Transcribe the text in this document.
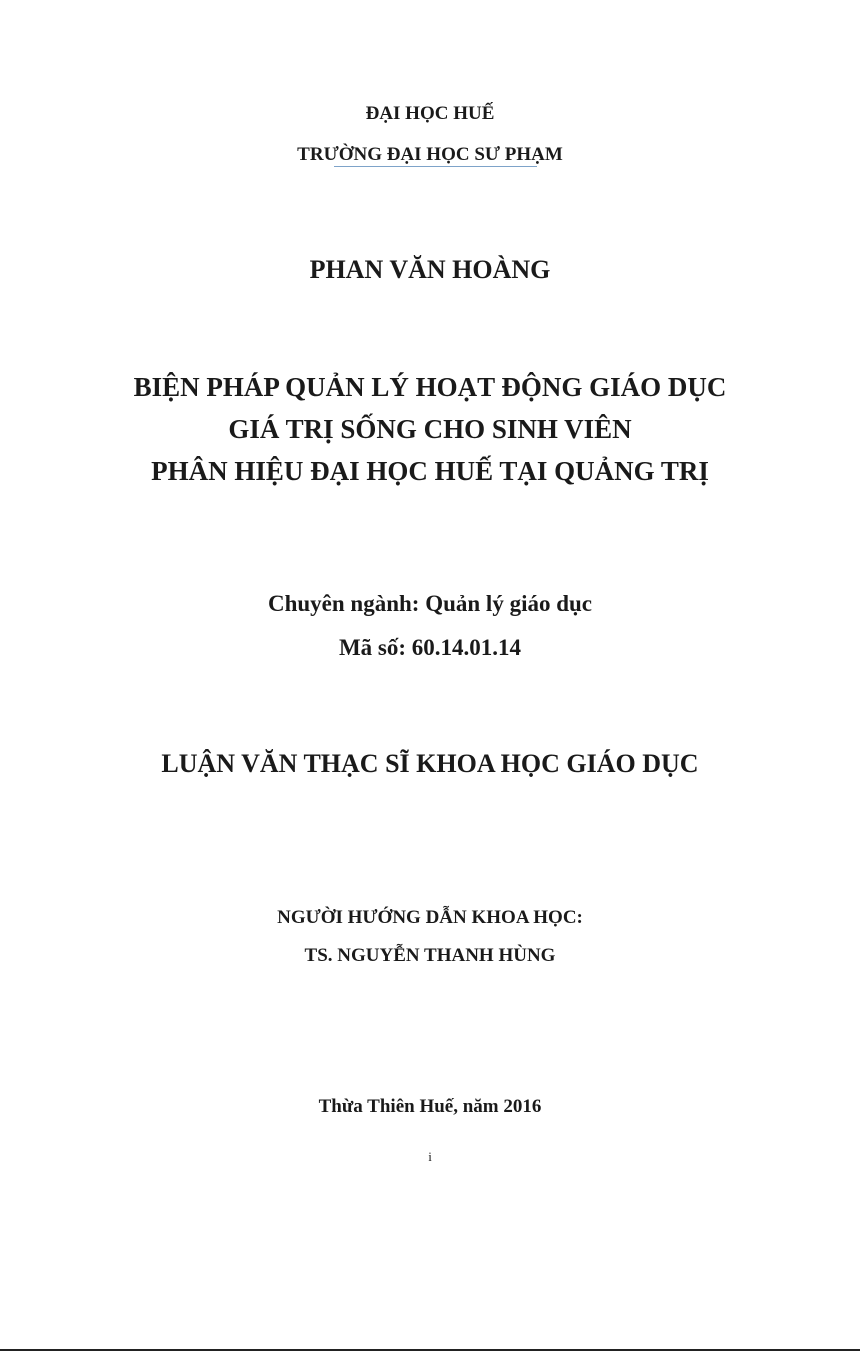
ĐẠI HỌC HUẾ
TRƯỜNG ĐẠI HỌC SƯ PHẠM
PHAN VĂN HOÀNG
BIỆN PHÁP QUẢN LÝ HOẠT ĐỘNG GIÁO DỤC
GIÁ TRỊ SỐNG CHO SINH VIÊN
PHÂN HIỆU ĐẠI HỌC HUẾ TẠI QUẢNG TRỊ
Chuyên ngành: Quản lý giáo dục
Mã số: 60.14.01.14
LUẬN VĂN THẠC SĨ KHOA HỌC GIÁO DỤC
NGƯỜI HƯỚNG DẪN KHOA HỌC:
TS. NGUYỄN THANH HÙNG
Thừa Thiên Huế, năm 2016
i
